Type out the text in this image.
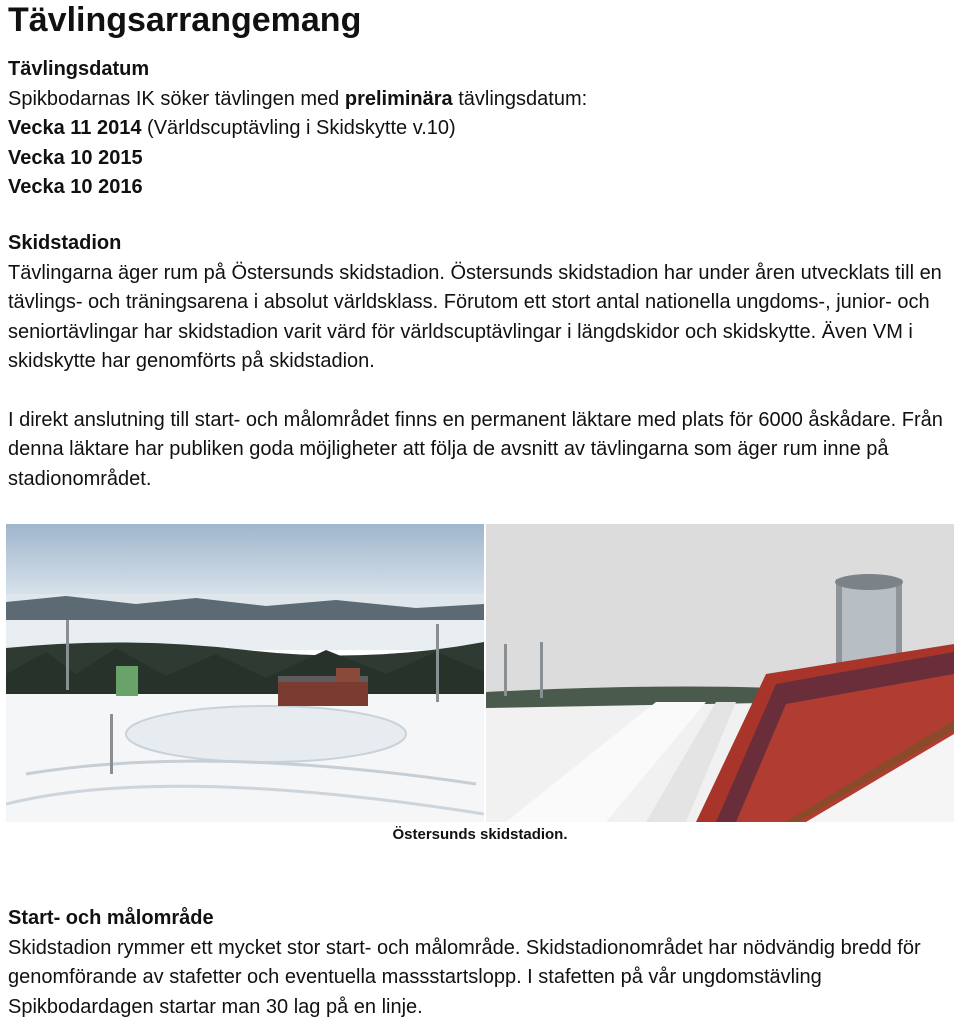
Tävlingsarrangemang
Tävlingsdatum

Spikbodarnas IK söker tävlingen med preliminära tävlingsdatum:

Vecka 11 2014 (Världscuptävling i Skidskytte v.10)

Vecka 10 2015

Vecka 10 2016

Skidstadion

Tävlingarna äger rum på Östersunds skidstadion. Östersunds skidstadion har under åren utvecklats till en tävlings- och träningsarena i absolut världsklass. Förutom ett stort antal nationella ungdoms-, junior- och seniortävlingar har skidstadion varit värd för världscuptävlingar i längdskidor och skidskytte. Även VM i skidskytte har genomförts på skidstadion.

I direkt anslutning till start- och målområdet finns en permanent läktare med plats för 6000 åskådare. Från denna läktare har publiken goda möjligheter att följa de avsnitt av tävlingarna som äger rum inne på stadionområdet.

Östersunds skidstadion.
Start- och målområde

Skidstadion rymmer ett mycket stor start- och målområde. Skidstadionområdet har nödvändig bredd för genomförande av stafetter och eventuella massstartslopp. I stafetten på vår ungdomstävling Spikbodardagen startar man 30 lag på en linje.
